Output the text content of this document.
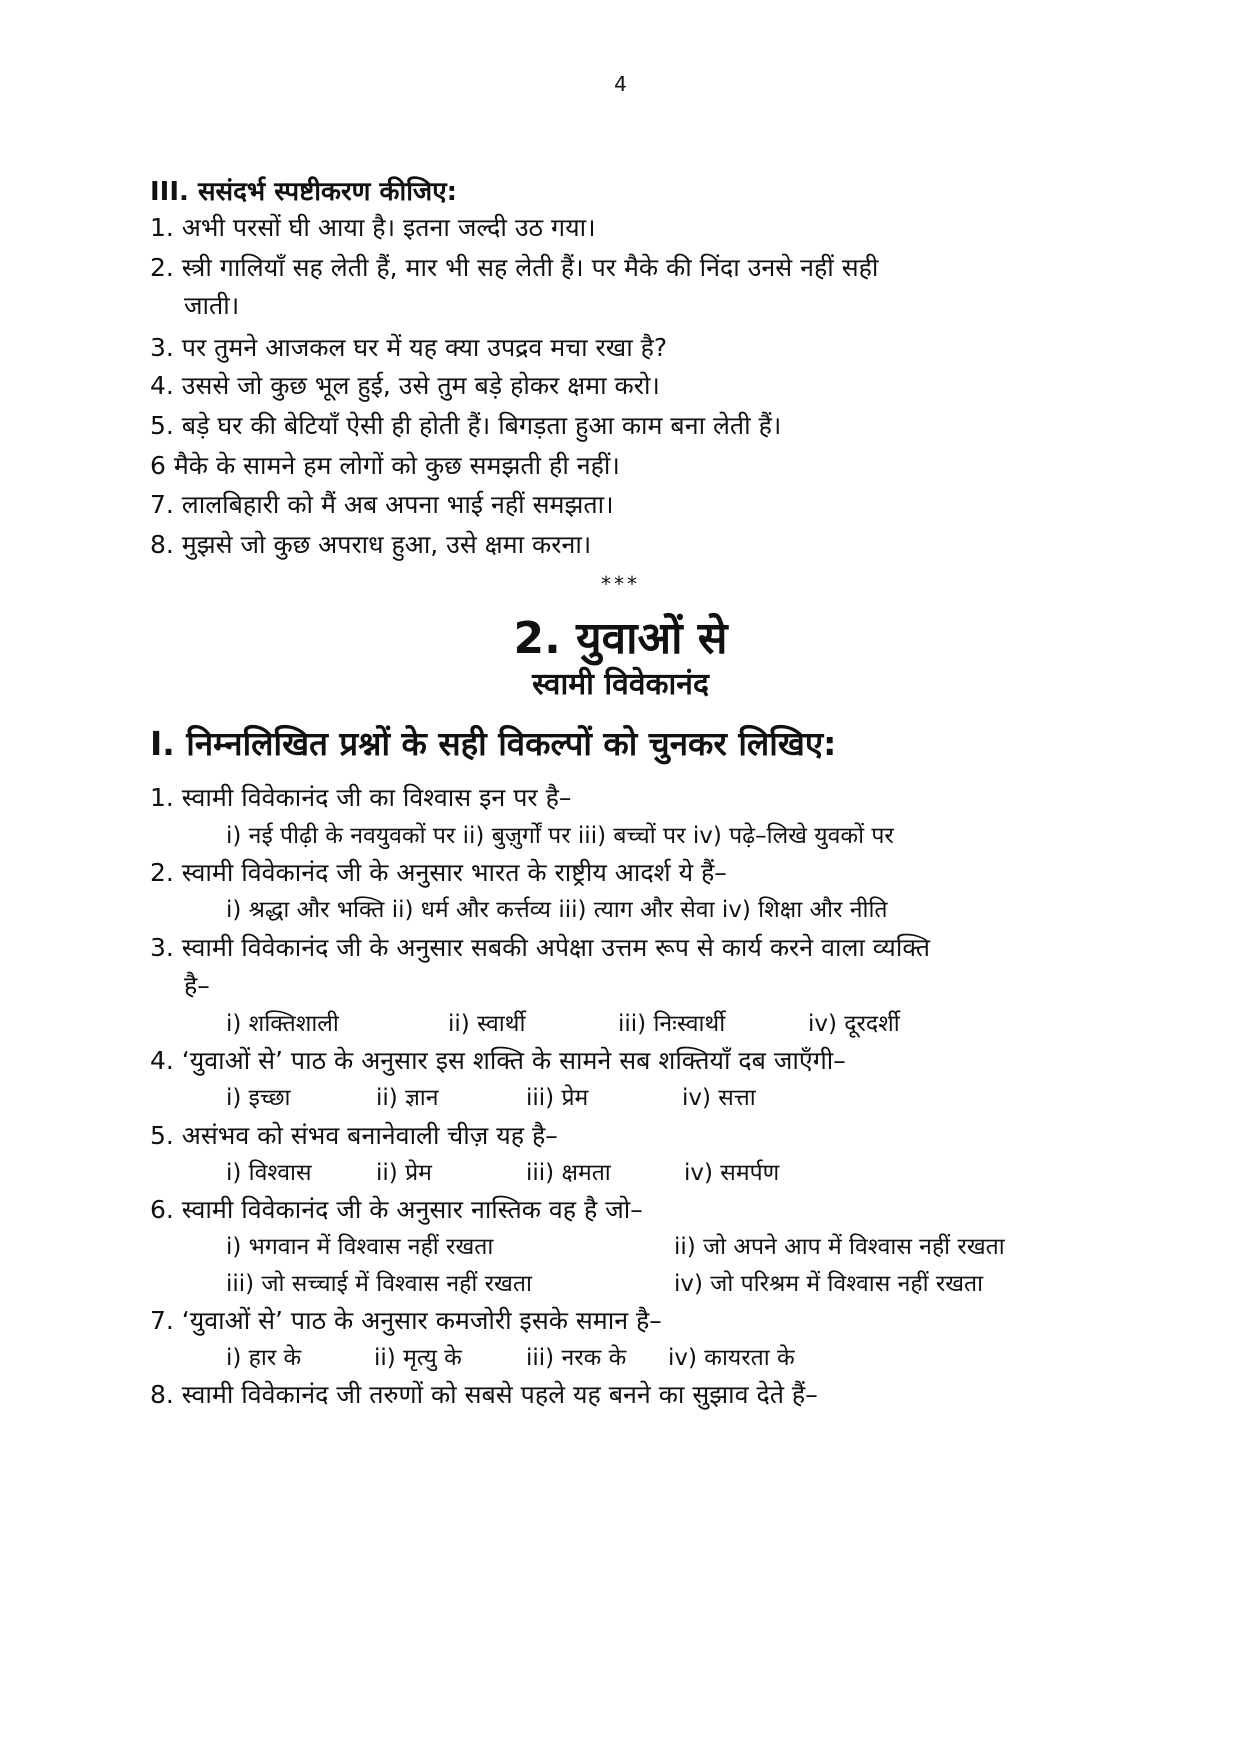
4
III. ससंदर्भ स्पष्टीकरण कीजिए:
1. अभी परसों घी आया है। इतना जल्दी उठ गया।
2. स्त्री गालियाँ सह लेती हैं, मार भी सह लेती हैं। पर मैके की निंदा उनसे नहीं सही
जाती।
3. पर तुमने आजकल घर में यह क्या उपद्रव मचा रखा है?
4. उससे जो कुछ भूल हुई, उसे तुम बड़े होकर क्षमा करो।
5. बड़े घर की बेटियाँ ऐसी ही होती हैं। बिगड़ता हुआ काम बना लेती हैं।
6 मैके के सामने हम लोगों को कुछ समझती ही नहीं।
7. लालबिहारी को मैं अब अपना भाई नहीं समझता।
8. मुझसे जो कुछ अपराध हुआ, उसे क्षमा करना।
***
2. युवाओं से
स्वामी विवेकानंद
I. निम्नलिखित प्रश्नों के सही विकल्पों को चुनकर लिखिए:
1. स्वामी विवेकानंद जी का विश्वास इन पर है–
i) नई पीढ़ी के नवयुवकों पर ii) बुज़ुर्गों पर iii) बच्चों पर iv) पढ़े–लिखे युवकों पर
2. स्वामी विवेकानंद जी के अनुसार भारत के राष्ट्रीय आदर्श ये हैं–
i) श्रद्धा और भक्ति ii) धर्म और कर्त्तव्य iii) त्याग और सेवा iv) शिक्षा और नीति
3. स्वामी विवेकानंद जी के अनुसार सबकी अपेक्षा उत्तम रूप से कार्य करने वाला व्यक्ति
है–
i) शक्तिशाली	ii) स्वार्थी	iii) निःस्वार्थी	iv) दूरदर्शी
4. ‘युवाओं से’ पाठ के अनुसार इस शक्ति के सामने सब शक्तियाँ दब जाएँगी–
i) इच्छा	ii) ज्ञान	iii) प्रेम	iv) सत्ता
5. असंभव को संभव बनानेवाली चीज़ यह है–
i) विश्वास	ii) प्रेम	iii) क्षमता	iv) समर्पण
6. स्वामी विवेकानंद जी के अनुसार नास्तिक वह है जो–
i) भगवान में विश्वास नहीं रखता	ii) जो अपने आप में विश्वास नहीं रखता
iii) जो सच्चाई में विश्वास नहीं रखता	iv) जो परिश्रम में विश्वास नहीं रखता
7. ‘युवाओं से’ पाठ के अनुसार कमजोरी इसके समान है–
i) हार के	ii) मृत्यु के	iii) नरक के iv) कायरता के
8. स्वामी विवेकानंद जी तरुणों को सबसे पहले यह बनने का सुझाव देते हैं–
